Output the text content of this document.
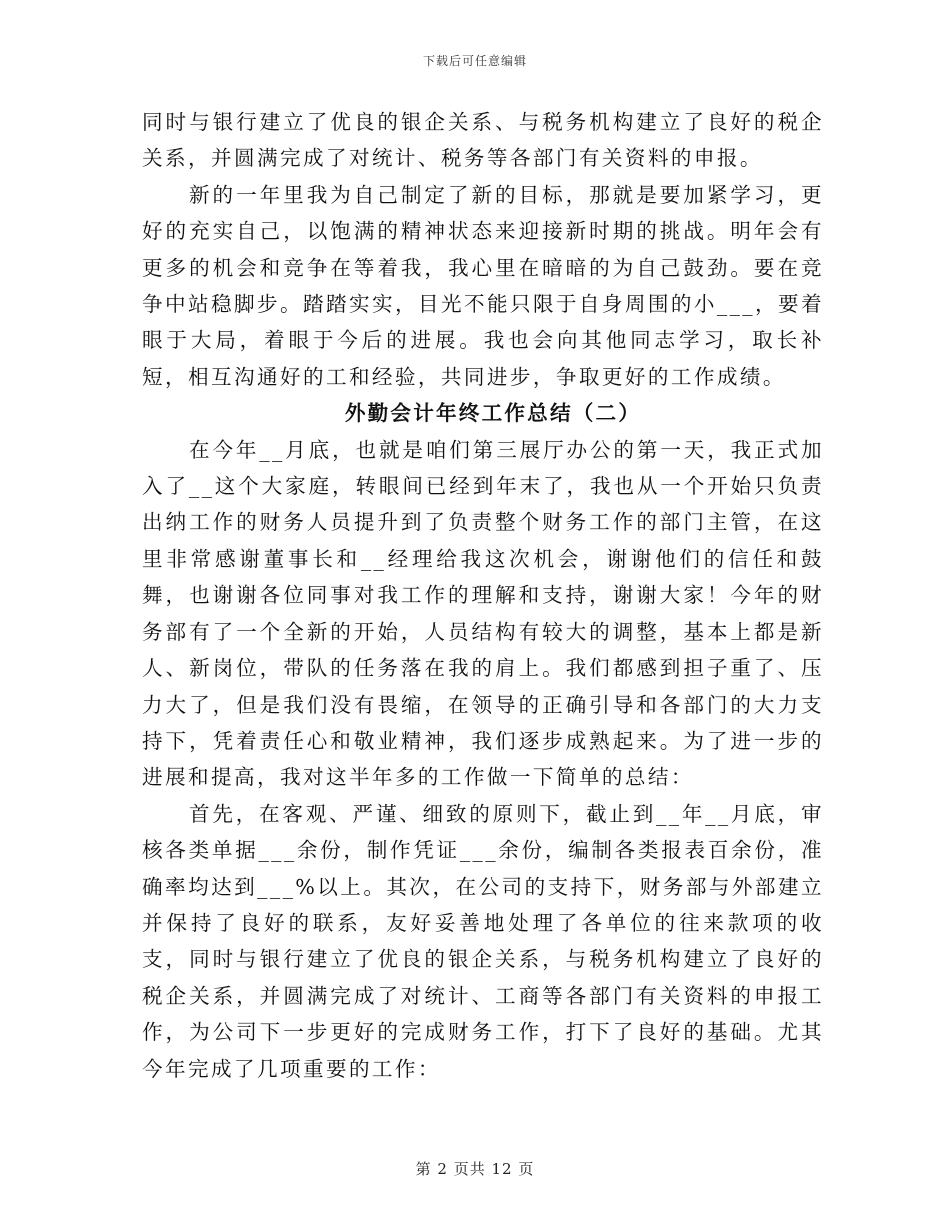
下载后可任意编辑

同时与银行建立了优良的银企关系、与税务机构建立了良好的税企关系，并圆满完成了对统计、税务等各部门有关资料的申报。

新的一年里我为自己制定了新的目标，那就是要加紧学习，更好的充实自己，以饱满的精神状态来迎接新时期的挑战。明年会有更多的机会和竞争在等着我，我心里在暗暗的为自己鼓劲。要在竞争中站稳脚步。踏踏实实，目光不能只限于自身周围的小___，要着眼于大局，着眼于今后的进展。我也会向其他同志学习，取长补短，相互沟通好的工和经验，共同进步，争取更好的工作成绩。

外勤会计年终工作总结（二）

在今年__月底，也就是咱们第三展厅办公的第一天，我正式加入了__这个大家庭，转眼间已经到年末了，我也从一个开始只负责出纳工作的财务人员提升到了负责整个财务工作的部门主管，在这里非常感谢董事长和__经理给我这次机会，谢谢他们的信任和鼓舞，也谢谢各位同事对我工作的理解和支持，谢谢大家！今年的财务部有了一个全新的开始，人员结构有较大的调整，基本上都是新人、新岗位，带队的任务落在我的肩上。我们都感到担子重了、压力大了，但是我们没有畏缩，在领导的正确引导和各部门的大力支持下，凭着责任心和敬业精神，我们逐步成熟起来。为了进一步的进展和提高，我对这半年多的工作做一下简单的总结：

首先，在客观、严谨、细致的原则下，截止到__年__月底，审核各类单据___余份，制作凭证___余份，编制各类报表百余份，准确率均达到___%以上。其次，在公司的支持下，财务部与外部建立并保持了良好的联系，友好妥善地处理了各单位的往来款项的收支，同时与银行建立了优良的银企关系，与税务机构建立了良好的税企关系，并圆满完成了对统计、工商等各部门有关资料的申报工作，为公司下一步更好的完成财务工作，打下了良好的基础。尤其今年完成了几项重要的工作：

第 2 页共 12 页
